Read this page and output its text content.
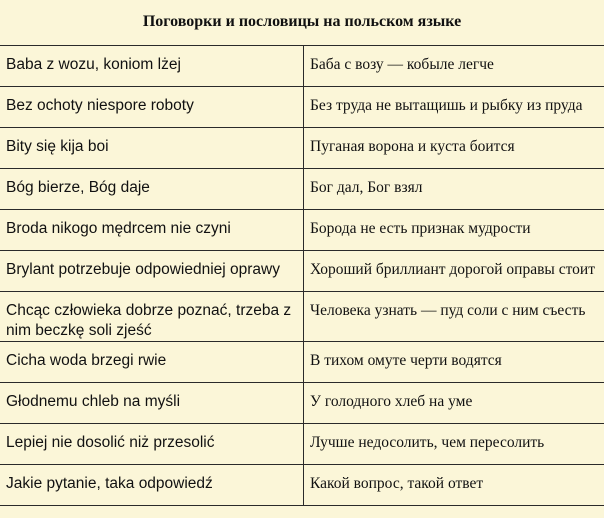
Поговорки и пословицы на польском языке
Baba z wozu, koniom lżej	Баба с возу — кобыле легче
Bez ochoty niespore roboty	Без труда не вытащишь и рыбку из пруда
Bity się kija boi	Пуганая ворона и куста боится
Bóg bierze, Bóg daje	Бог дал, Бог взял
Broda nikogo mędrcem nie czyni	Борода не есть признак мудрости
Brylant potrzebuje odpowiedniej oprawy	Хороший бриллиант дорогой оправы стоит
Chcąc człowieka dobrze poznać, trzeba z nim beczkę soli zjeść	Человека узнать — пуд соли с ним съесть
Cicha woda brzegi rwie	В тихом омуте черти водятся
Głodnemu chleb na myśli	У голодного хлеб на уме
Lepiej nie dosolić niż przesolić	Лучше недосолить, чем пересолить
Jakie pytanie, taka odpowiedź	Какой вопрос, такой ответ
